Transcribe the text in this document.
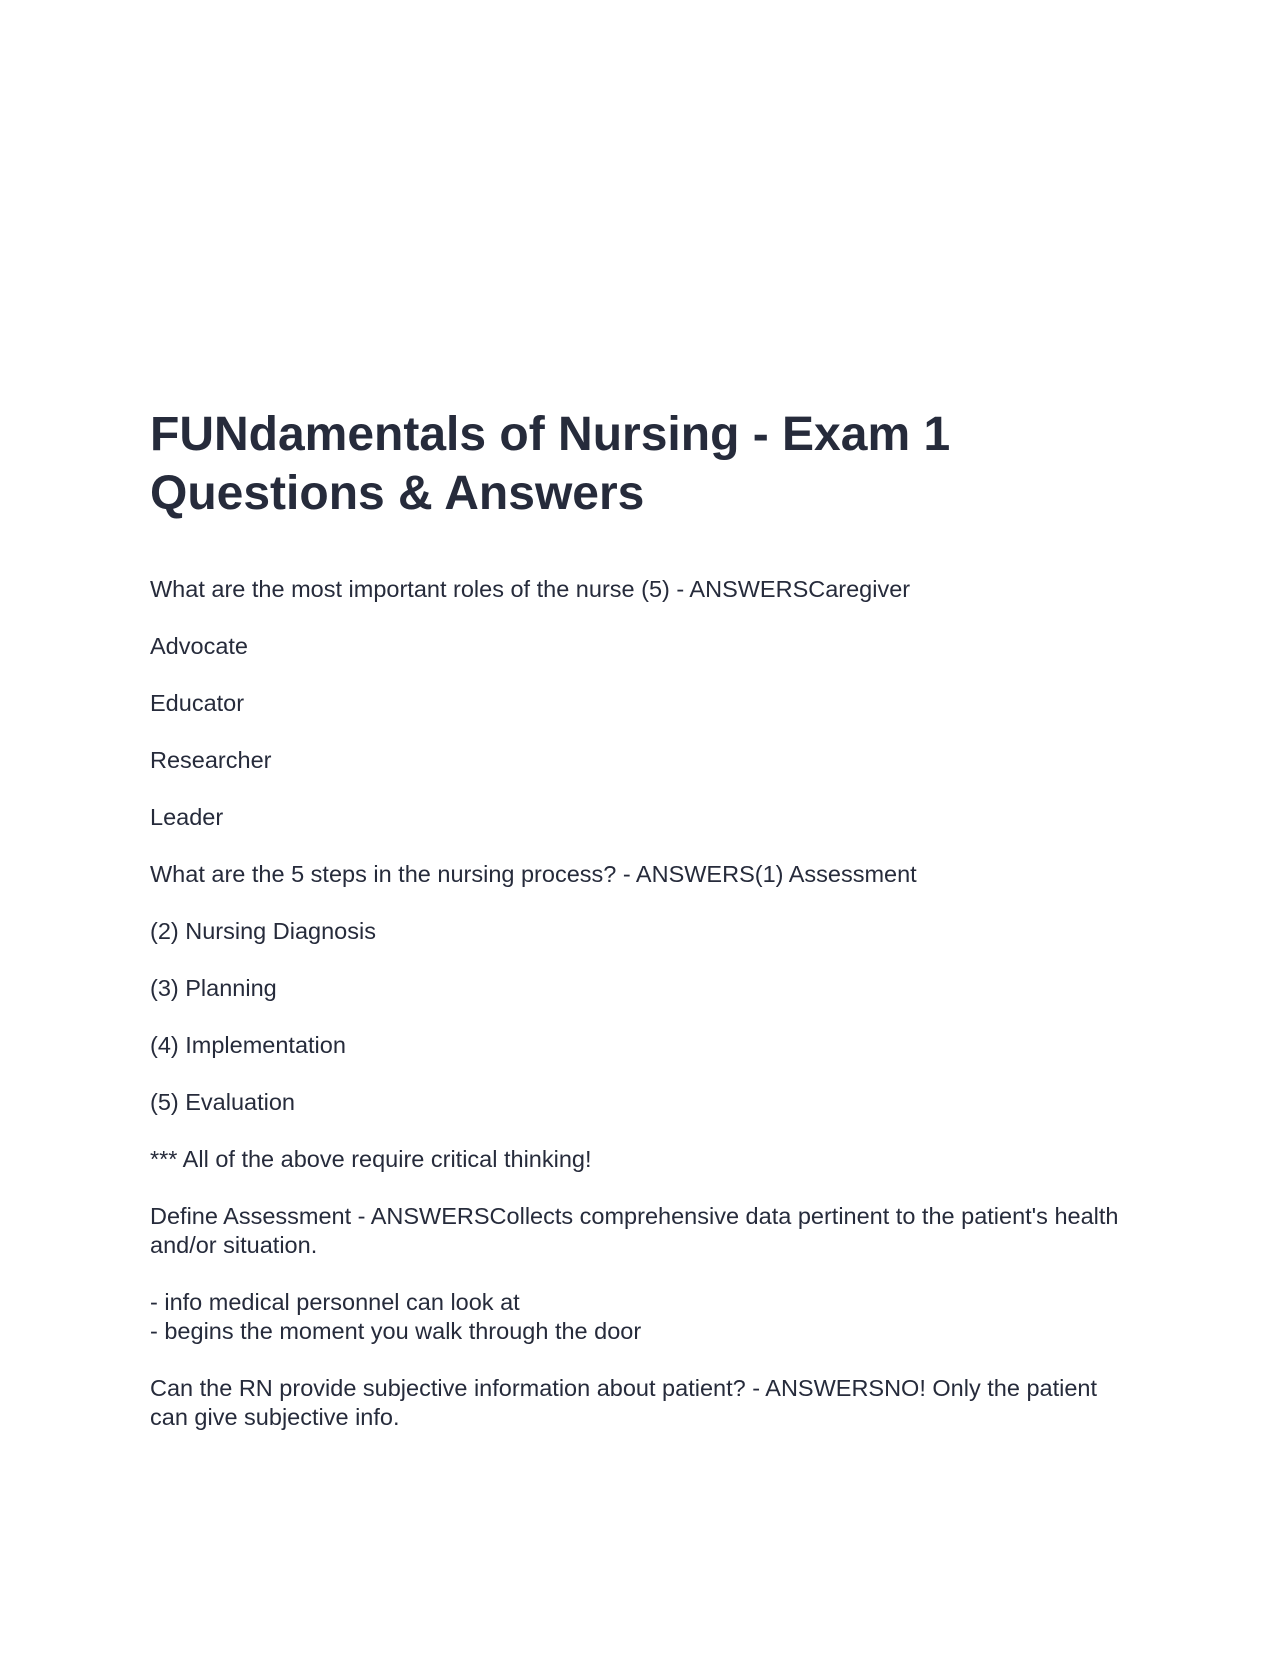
FUNdamentals of Nursing - Exam 1 Questions & Answers

What are the most important roles of the nurse (5) - ANSWERSCaregiver

Advocate

Educator

Researcher

Leader

What are the 5 steps in the nursing process? - ANSWERS(1) Assessment

(2) Nursing Diagnosis

(3) Planning

(4) Implementation

(5) Evaluation

*** All of the above require critical thinking!

Define Assessment - ANSWERSCollects comprehensive data pertinent to the patient's health and/or situation.

- info medical personnel can look at
- begins the moment you walk through the door

Can the RN provide subjective information about patient? - ANSWERSNO! Only the patient can give subjective info.
